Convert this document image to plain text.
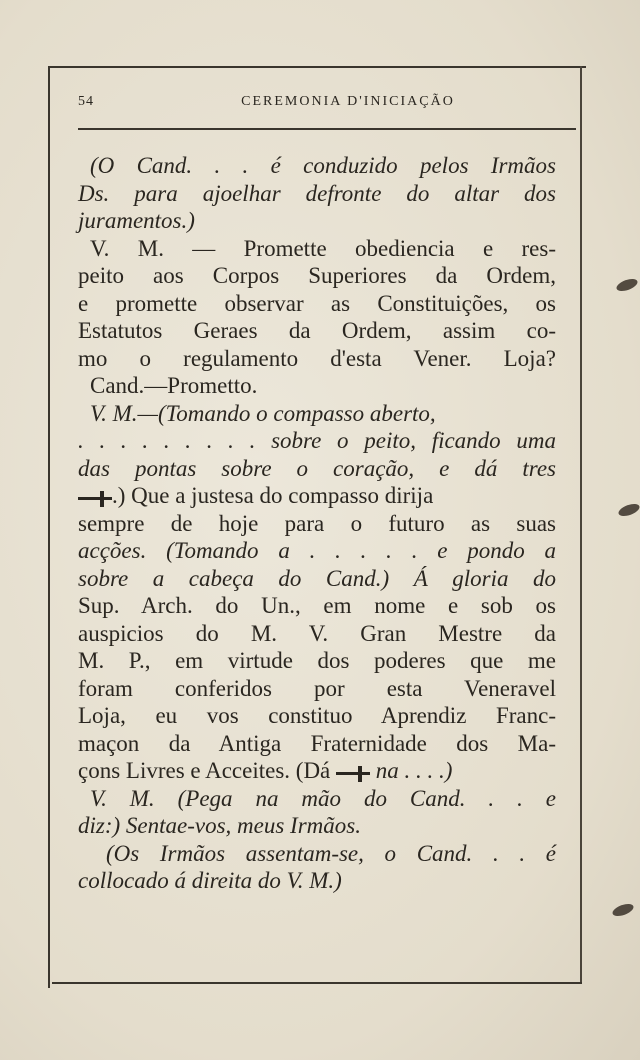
54	CEREMONIA D'INICIAÇÃO
(O Cand. . . é conduzido pelos Irmãos
Ds. para ajoelhar defronte do altar dos
juramentos.)
V. M. — Promette obediencia e res-
peito aos Corpos Superiores da Ordem,
e promette observar as Constituições, os
Estatutos Geraes da Ordem, assim co-
mo o regulamento d'esta Vener. Loja?
Cand.—Prometto.
V. M.—(Tomando o compasso aberto,
. . . . . . . . . sobre o peito, ficando uma
das pontas sobre o coração, e dá tres
.) Que a justesa do compasso dirija
sempre de hoje para o futuro as suas
acções. (Tomando a . . . . . e pondo a
sobre a cabeça do Cand.) Á gloria do
Sup. Arch. do Un., em nome e sob os
auspicios do M. V. Gran Mestre da
M. P., em virtude dos poderes que me
foram conferidos por esta Veneravel
Loja, eu vos constituo Aprendiz Franc-
maçon da Antiga Fraternidade dos Ma-
çons Livres e Acceites. (Dá na . . . .)
V. M. (Pega na mão do Cand. . . e
diz:) Sentae-vos, meus Irmãos.
(Os Irmãos assentam-se, o Cand. . . é
collocado á direita do V. M.)
